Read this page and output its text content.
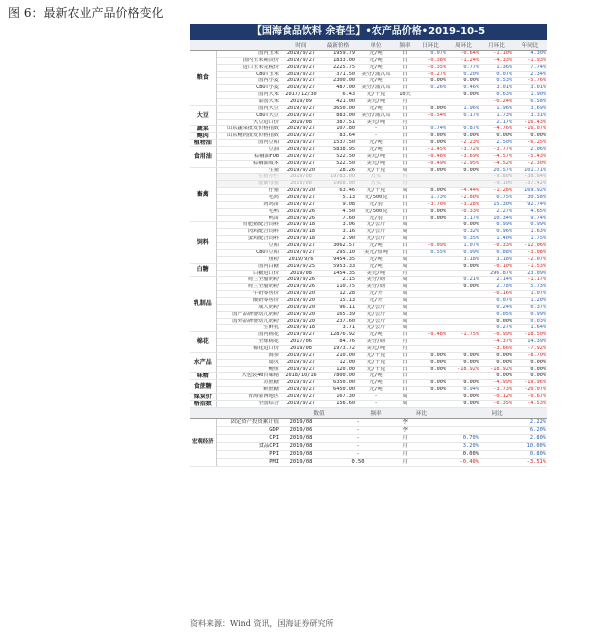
图 6：最新农业产品价格变化
【国海食品饮料 余春生】•农产品价格•2019-10-5
		时间	最新价格	单位	频率	日环比	周环比	月环比	年同比
粮食	国内玉米	2019/9/27	1959.79	元/吨	日	0.07%	-0.64%	-1.10%	4.30%
	国内玉米期货价	2019/9/27	1833.00	元/吨	日	-0.38%	-1.24%	-4.33%	-1.93%
	进口玉米完税价	2019/9/27	2225.75	元/吨	日	-0.35%	0.77%	1.36%	7.74%
	CBOT玉米	2019/9/27	371.50	美分/蒲式耳	日	-0.27%	0.20%	0.07%	2.34%
	国内小麦	2019/9/27	2300.00	元/吨	日	0.00%	0.00%	0.53%	-5.76%
	CBOT小麦	2019/9/27	487.00	美分/蒲式耳	日	0.26%	0.46%	3.01%	3.01%
	国内大米	2017/12/30	6.43	元/千克	10天		0.00%	0.63%	1.90%
	泰国大米	2019/09	421.00	美元/吨	月			-0.24%	6.58%
大豆	国内大豆	2019/9/27	3650.00	元/吨	日	0.00%	1.96%	1.96%	3.69%
	CBOT大豆	2019/9/27	883.00	美分/蒲式耳	日	-0.54%	0.17%	1.73%	3.31%
	大豆进口价	2019/08	387.51	美元/吨	月			2.17%	-16.43%
蔬菜	山东蔬菜批发价格指数	2019/9/27	107.80	-	日	0.74%	0.87%	-4.76%	-16.07%
鲍肉	山东鲍肉批发价格指数	2019/9/27	83.64	-	日	0.00%	0.00%	0.00%	0.00%
植物油	国内豆粕	2019/9/27	1537.50	元/吨	日	0.00%	-2.23%	2.50%	-6.25%
食用油	豆油	2019/9/27	5838.95	元/吨	日	-1.45%	-3.72%	-3.77%	2.06%
	棕榈油FOB	2019/9/27	522.50	美元/吨	日	-0.48%	-3.69%	-4.57%	-5.43%
	棕榈油成本	2019/9/27	522.50	美元/吨	日	-0.49%	-2.95%	-4.52%	-2.30%
畜禽	生猪	2019/9/20	28.26	元/千克	周	0.00%	0.00%	20.57%	101.71%
	生猪存栏	2019/08	19783.00	万头	月			-9.80%	-38.64%
	能繁母猪	2019/08	1968.00	万头	月			-9.10%	-37.42%
	仔猪	2019/9/20	63.46	元/千克	周	0.00%	-4.44%	-1.28%	169.92%
	毛鸡	2019/9/27	5.13	元/500克	日	1.73%	-2.80%	0.75%	30.58%
	肉鸡苗	2019/9/27	9.08	元/羽	日	-3.70%	-3.28%	15.30%	92.74%
	毛鸭	2019/9/26	4.50	元/500克	日	0.00%	-0.33%	2.27%	4.65%
	鸭苗	2019/9/26	7.60	元/羽	日	0.00%	3.17%	10.34%	9.74%
饲料	育肥猪配合饲料	2019/9/18	3.06	元/公斤	周		0.00%	0.99%	0.99%
	肉鸡配合饲料	2019/9/18	3.16	元/公斤	周		0.32%	0.96%	1.63%
	蛋鸡配合饲料	2019/9/18	2.90	元/公斤	周		0.35%	1.40%	1.75%
	豆粕	2019/9/27	3062.57	元/吨	日	-0.09%	1.07%	-0.33%	-12.06%
	CBOT豆粕	2019/9/27	295.10	美元/短吨	日	0.55%	0.99%	0.88%	-3.08%
	鱼粉	2019/9/6	9454.35	元/吨	周		3.18%	3.18%	-2.07%
白糖	国内白糖	2019/9/25	5953.33	元/吨	周		0.00%	-0.10%	-1.53%
	白糖进口价	2019/08	1454.35	美元/吨	月			296.87%	23.09%
乳制品	荷兰全脂奶粉	2019/9/26	2.15	美分/磅	周		0.21%	2.14%	-1.17%
	荷兰全脂奶粉	2019/9/26	110.75	美分/磅	周		0.00%	2.78%	5.73%
	牛奶零售价	2019/9/20	12.28	元/升	周			-0.16%	1.07%
	酸奶零售价	2019/9/20	15.13	元/升	周			0.07%	1.20%
	成人奶粉	2019/9/20	96.11	元/公斤	周			0.24%	0.37%
	国产品牌婴幼儿奶粉	2019/9/20	165.39	元/公斤	周			0.05%	0.99%
	国外品牌婴幼儿奶粉	2019/9/20	237.60	元/公斤	周			0.00%	0.03%
	生鲜乳	2019/9/18	3.71	元/公斤	周			0.27%	1.64%
棉花	国内棉花	2019/9/27	12876.92	元/吨	日	-0.48%	-1.75%	-0.99%	-18.50%
	全球棉花	2017/06	84.76	美分/磅	月			-4.37%	14.39%
	棉花进口价	2019/08	1973.72	美元/吨	月			-3.66%	-7.92%
水产品	海参	2019/9/27	210.00	元/千克	日	0.00%	0.00%	0.00%	-8.70%
	扇贝	2019/9/27	12.00	元/千克	日	0.00%	0.00%	0.00%	0.00%
	鲍鱼	2019/9/27	120.00	元/千克	日	0.00%	-18.92%	-18.92%	0.00%
味精	大包装40目味精	2018/10/16	7800.00	元/吨	日			0.00%	0.00%
食蔗糖	苏蔗糖	2019/9/27	6350.00	元/吨	日	0.00%	0.00%	-4.99%	-19.96%
	鲜蔗糖	2019/9/27	6450.00	元/吨	日	0.00%	0.94%	-3.73%	-20.07%
煤炭价	青海蒙西地区	2019/9/27	167.30	-	周		0.00%	-0.12%	-0.67%
格指数	全国综合	2019/9/27	156.60	-	周		0.00%	-0.35%	-4.53%
		数值		频率	环比		同比	
宏观经济	固定资产投资累计值	2019/08	-		季			2.22%
	GDP	2019/06	-		季			6.20%
	CPI	2019/08	-		月	0.70%		2.80%
	食品CPI	2019/08	-		月	3.20%		10.00%
	PPI	2019/08	-		月	0.00%		0.80%
	PMI	2019/08	0.50		月	-0.40%		-3.51%
资料来源：Wind 资讯，国海证券研究所
